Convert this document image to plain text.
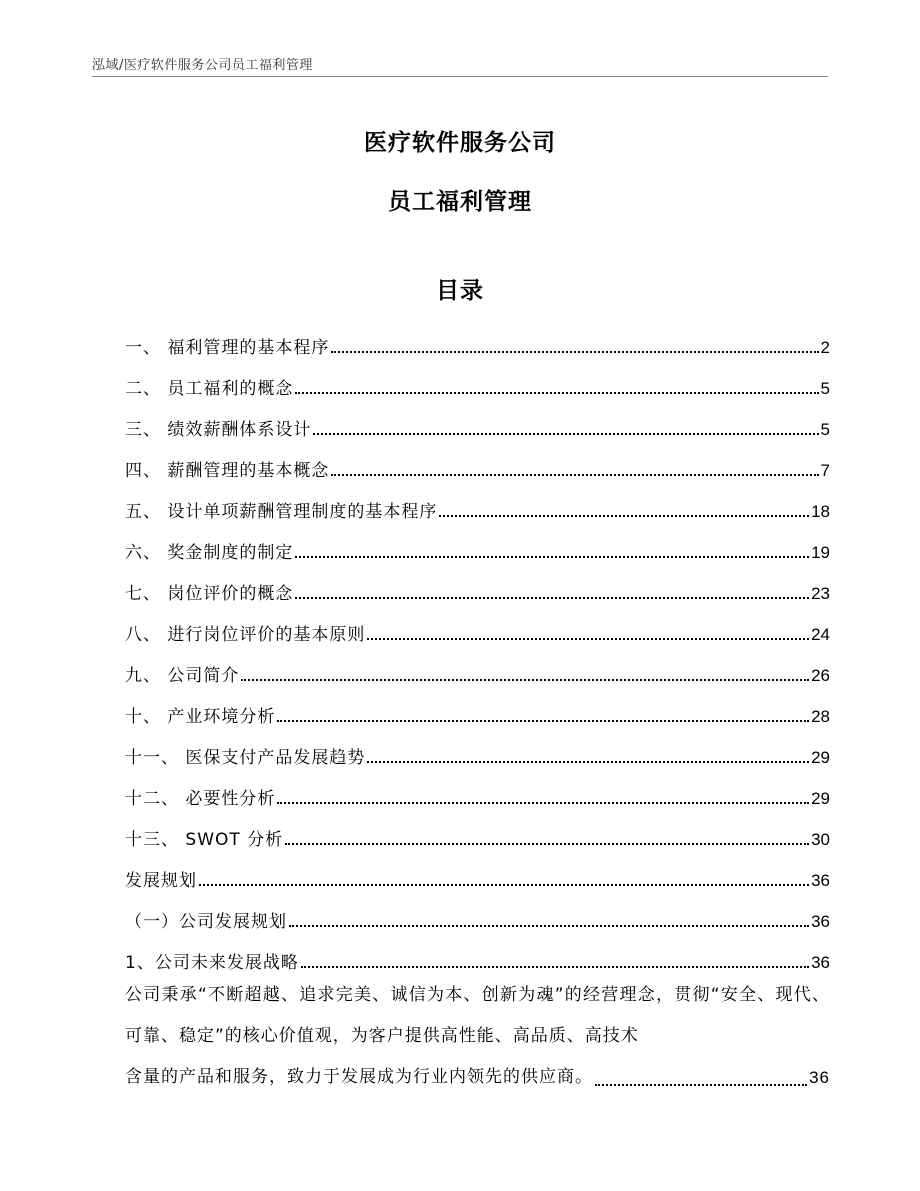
泓域/医疗软件服务公司员工福利管理
医疗软件服务公司
员工福利管理
目录
一、 福利管理的基本程序	2
二、 员工福利的概念	5
三、 绩效薪酬体系设计	5
四、 薪酬管理的基本概念	7
五、 设计单项薪酬管理制度的基本程序	18
六、 奖金制度的制定	19
七、 岗位评价的概念	23
八、 进行岗位评价的基本原则	24
九、 公司简介	26
十、 产业环境分析	28
十一、 医保支付产品发展趋势	29
十二、 必要性分析	29
十三、 SWOT 分析	30
发展规划	36
（一）公司发展规划	36
1、公司未来发展战略	36
公司秉承“不断超越、追求完美、诚信为本、创新为魂”的经营理念，贯彻“安全、现代、可靠、稳定”的核心价值观，为客户提供高性能、高品质、高技术
含量的产品和服务，致力于发展成为行业内领先的供应商。	36
